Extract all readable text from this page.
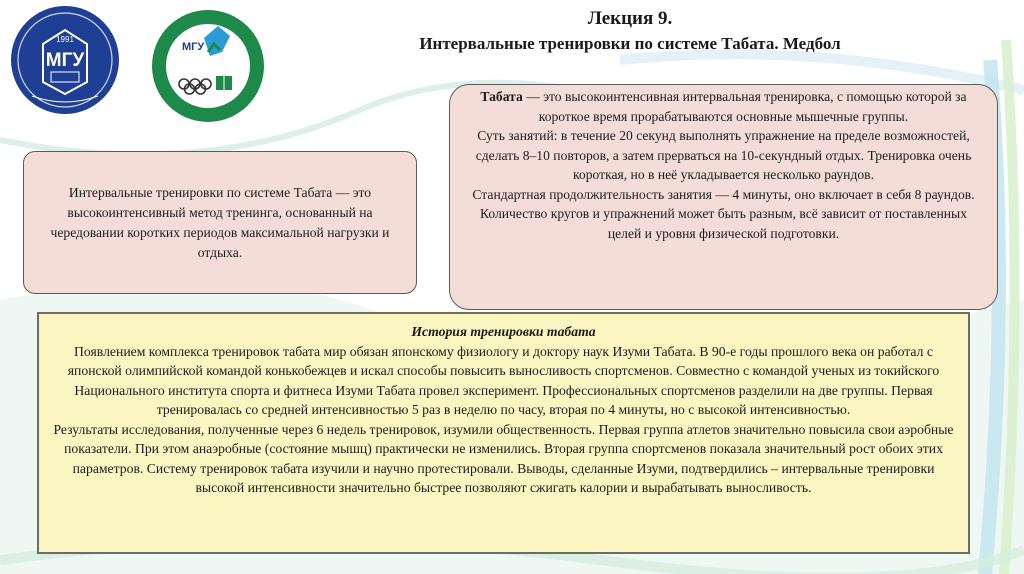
1991
МГУ
МГУ
Лекция 9.
Интервальные тренировки по системе Табата. Медбол
Интервальные тренировки по системе Табата — это высокоинтенсивный метод тренинга, основанный на чередовании коротких периодов максимальной нагрузки и отдыха.

Табата — это высокоинтенсивная интервальная тренировка, с помощью которой за короткое время прорабатываются основные мышечные группы.

Суть занятий: в течение 20 секунд выполнять упражнение на пределе возможностей, сделать 8–10 повторов, а затем прерваться на 10-секундный отдых. Тренировка очень короткая, но в неё укладывается несколько раундов.

Стандартная продолжительность занятия — 4 минуты, оно включает в себя 8 раундов. Количество кругов и упражнений может быть разным, всё зависит от поставленных целей и уровня физической подготовки.

История тренировки табата

Появлением комплекса тренировок табата мир обязан японскому физиологу и доктору наук Изуми Табата. В 90-е годы прошлого века он работал с японской олимпийской командой конькобежцев и искал способы повысить выносливость спортсменов. Совместно с командой ученых из токийского Национального института спорта и фитнеса Изуми Табата провел эксперимент. Профессиональных спортсменов разделили на две группы. Первая тренировалась со средней интенсивностью 5 раз в неделю по часу, вторая по 4 минуты, но с высокой интенсивностью.

Результаты исследования, полученные через 6 недель тренировок, изумили общественность. Первая группа атлетов значительно повысила свои аэробные показатели. При этом анаэробные (состояние мышц) практически не изменились. Вторая группа спортсменов показала значительный рост обоих этих параметров. Систему тренировок табата изучили и научно протестировали. Выводы, сделанные Изуми, подтвердились – интервальные тренировки высокой интенсивности значительно быстрее позволяют сжигать калории и вырабатывать выносливость.
